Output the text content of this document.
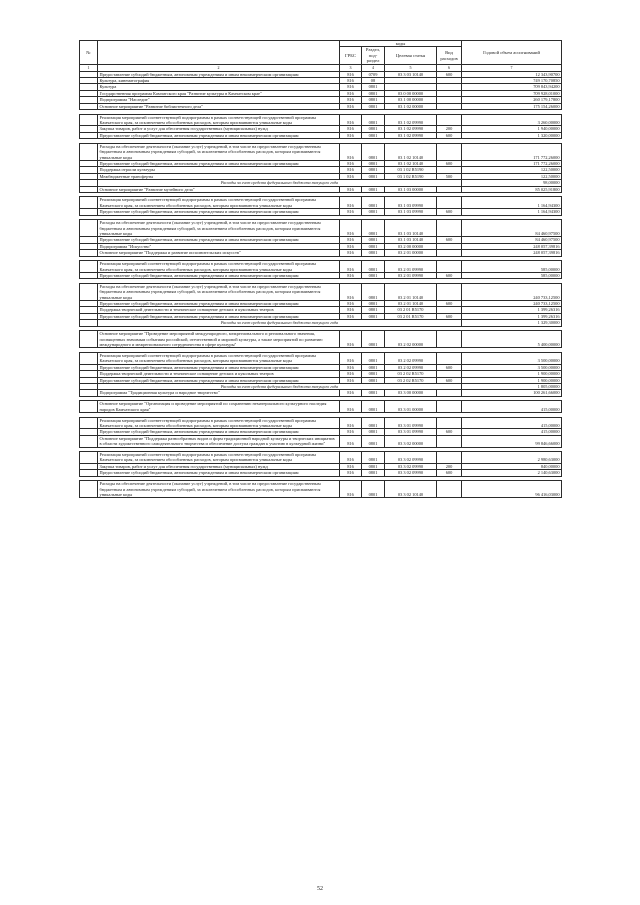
№		коды				Годовой объем ассигнований
		ГРБС	Раздел, под- раздел	Целевая статья	Вид расходов	
1	2	3	4	5	6	7
	Предоставление субсидий бюджетным, автономным учреждениям и иным некоммерческим организациям	816	0709	03 3 03 10140	600	12 343,90700
	Культура, кинематография	816	08			749 170,70850
	Культура	816	0801			709 843,94200
	Государственная программа Камчатского края "Развитие культуры в Камчатском крае"	816	0801	03 0 00 00000		709 928,01000
	Подпрограмма "Наследие"	816	0801	03 1 00 00000		260 179,17800
	Основное мероприятие "Развитие библиотечного дела"	816	0801	03 1 02 00000		175 154,26000

	Реализация мероприятий соответствующей подпрограммы в рамках соответствующей государственной программы Камчатского края, за исключением обособленных расходов, которым присваиваются уникальные коды	816	0801	03 1 02 09990		3 260,00000
	Закупка товаров, работ и услуг для обеспечения государственных (муниципальных) нужд	816	0801	03 1 02 09990	200	1 940,00000
	Предоставление субсидий бюджетным, автономным учреждениям и иным некоммерческим организациям	816	0801	03 1 02 09990	600	1 320,00000

	Расходы на обеспечение деятельности (оказание услуг) учреждений, в том числе на предоставление государственным бюджетным и автономным учреждениям субсидий, за исключением обособленных расходов, которым присваиваются уникальные коды	816	0801	03 1 02 10140		171 772,26000
	Предоставление субсидий бюджетным, автономным учреждениям и иным некоммерческим организациям	816	0801	03 1 02 10140	600	171 772,26000
	Поддержка отрасли культуры	816	0801	03 1 02 R5190		122,50000
	Межбюджетные трансферты	816	0801	03 1 02 R5190	500	122,50000
	Расходы за счет средств федерального бюджета текущего года					98,00000
	Основное мероприятие "Развитие музейного дела"	816	0801	03 1 03 00000		85 025,91800

	Реализация мероприятий соответствующей подпрограммы в рамках соответствующей государственной программы Камчатского края, за исключением обособленных расходов, которым присваиваются уникальные коды	816	0801	03 1 03 09990		1 164,94300
	Предоставление субсидий бюджетным, автономным учреждениям и иным некоммерческим организациям	816	0801	03 1 03 09990	600	1 164,94300

	Расходы на обеспечение деятельности (оказание услуг) учреждений, в том числе на предоставление государственным бюджетным и автономным учреждениям субсидий, за исключением обособленных расходов, которым присваиваются уникальные коды	816	0801	03 1 03 10140		84 460,97500
	Предоставление субсидий бюджетным, автономным учреждениям и иным некоммерческим организациям	816	0801	03 1 03 10140	600	84 460,97500
	Подпрограмма "Искусство"	816	0801	03 2 00 00000		248 057,39816
	Основное мероприятие "Поддержка и развитие исполнительских искусств"	816	0801	03 2 01 00000		248 057,39816

	Реализация мероприятий соответствующей подпрограммы в рамках соответствующей государственной программы Камчатского края, за исключением обособленных расходов, которым присваиваются уникальные коды	816	0801	03 2 01 09990		585,00000
	Предоставление субсидий бюджетным, автономным учреждениям и иным некоммерческим организациям	816	0801	03 2 01 09990	600	585,00000

	Расходы на обеспечение деятельности (оказание услуг) учреждений, в том числе на предоставление государственным бюджетным и автономным учреждениям субсидий, за исключением обособленных расходов, которым присваиваются уникальные коды	816	0801	03 2 01 10140		240 733,12500
	Предоставление субсидий бюджетным, автономным учреждениям и иным некоммерческим организациям	816	0801	03 2 01 10140	600	240 733,12500
	Поддержка творческой деятельности и техническое оснащение детских и кукольных театров	816	0801	03 2 01 R5170		1 399,26316
	Предоставление субсидий бюджетным, автономным учреждениям и иным некоммерческим организациям	816	0801	03 2 01 R5170	600	1 399,26316
	Расходы за счет средств федерального бюджета текущего года					1 329,30000

	Основное мероприятие "Проведение мероприятий международного, межрегионального и регионального значения, посвященных значимым событиям российской, отечественной и мировой культуры, а также мероприятий по развитию международного и межрегионального сотрудничества в сфере культуры"	816	0801	03 2 02 00000		5 400,00000

	Реализация мероприятий соответствующей подпрограммы в рамках соответствующей государственной программы Камчатского края, за исключением обособленных расходов, которым присваиваются уникальные коды	816	0801	03 2 02 09990		3 500,00000
	Предоставление субсидий бюджетным, автономным учреждениям и иным некоммерческим организациям	816	0801	03 2 02 09990	600	3 500,00000
	Поддержка творческой деятельности и техническое оснащение детских и кукольных театров	816	0801	03 2 02 R5170		1 900,00000
	Предоставление субсидий бюджетным, автономным учреждениям и иным некоммерческим организациям	816	0801	03 2 02 R5170	600	1 900,00000
	Расходы за счет средств федерального бюджета текущего года					1 805,00000
	Подпрограмма "Традиционная культура и народное творчество"	816	0801	03 3 00 00000		100 261,66000

	Основное мероприятие "Организация и проведение мероприятий по сохранению нематериального культурного наследия народов Камчатского края"	816	0801	03 3 01 00000		415,00000

	Реализация мероприятий соответствующей подпрограммы в рамках соответствующей государственной программы Камчатского края, за исключением обособленных расходов, которым присваиваются уникальные коды	816	0801	03 3 01 09990		415,00000
	Предоставление субсидий бюджетным, автономным учреждениям и иным некоммерческим организациям	816	0801	03 3 01 09990	600	415,00000
	Основное мероприятие "Поддержка разнообразных видов и форм традиционной народной культуры и творческих инициатив в области художественного самодеятельного творчества и обеспечение доступа граждан к участию в культурной жизни"	816	0801	03 3 02 00000		99 846,66000

	Реализация мероприятий соответствующей подпрограммы в рамках соответствующей государственной программы Камчатского края, за исключением обособленных расходов, которым присваиваются уникальные коды	816	0801	03 3 02 09990		2 980,63000
	Закупка товаров, работ и услуг для обеспечения государственных (муниципальных) нужд	816	0801	03 3 02 09990	200	840,00000
	Предоставление субсидий бюджетным, автономным учреждениям и иным некоммерческим организациям	816	0801	03 3 02 09990	600	2 140,63000

	Расходы на обеспечение деятельности (оказание услуг) учреждений, в том числе на предоставление государственным бюджетным и автономным учреждениям субсидий, за исключением обособленных расходов, которым присваиваются уникальные коды	816	0801	03 3 02 10140		96 416,03000
52
